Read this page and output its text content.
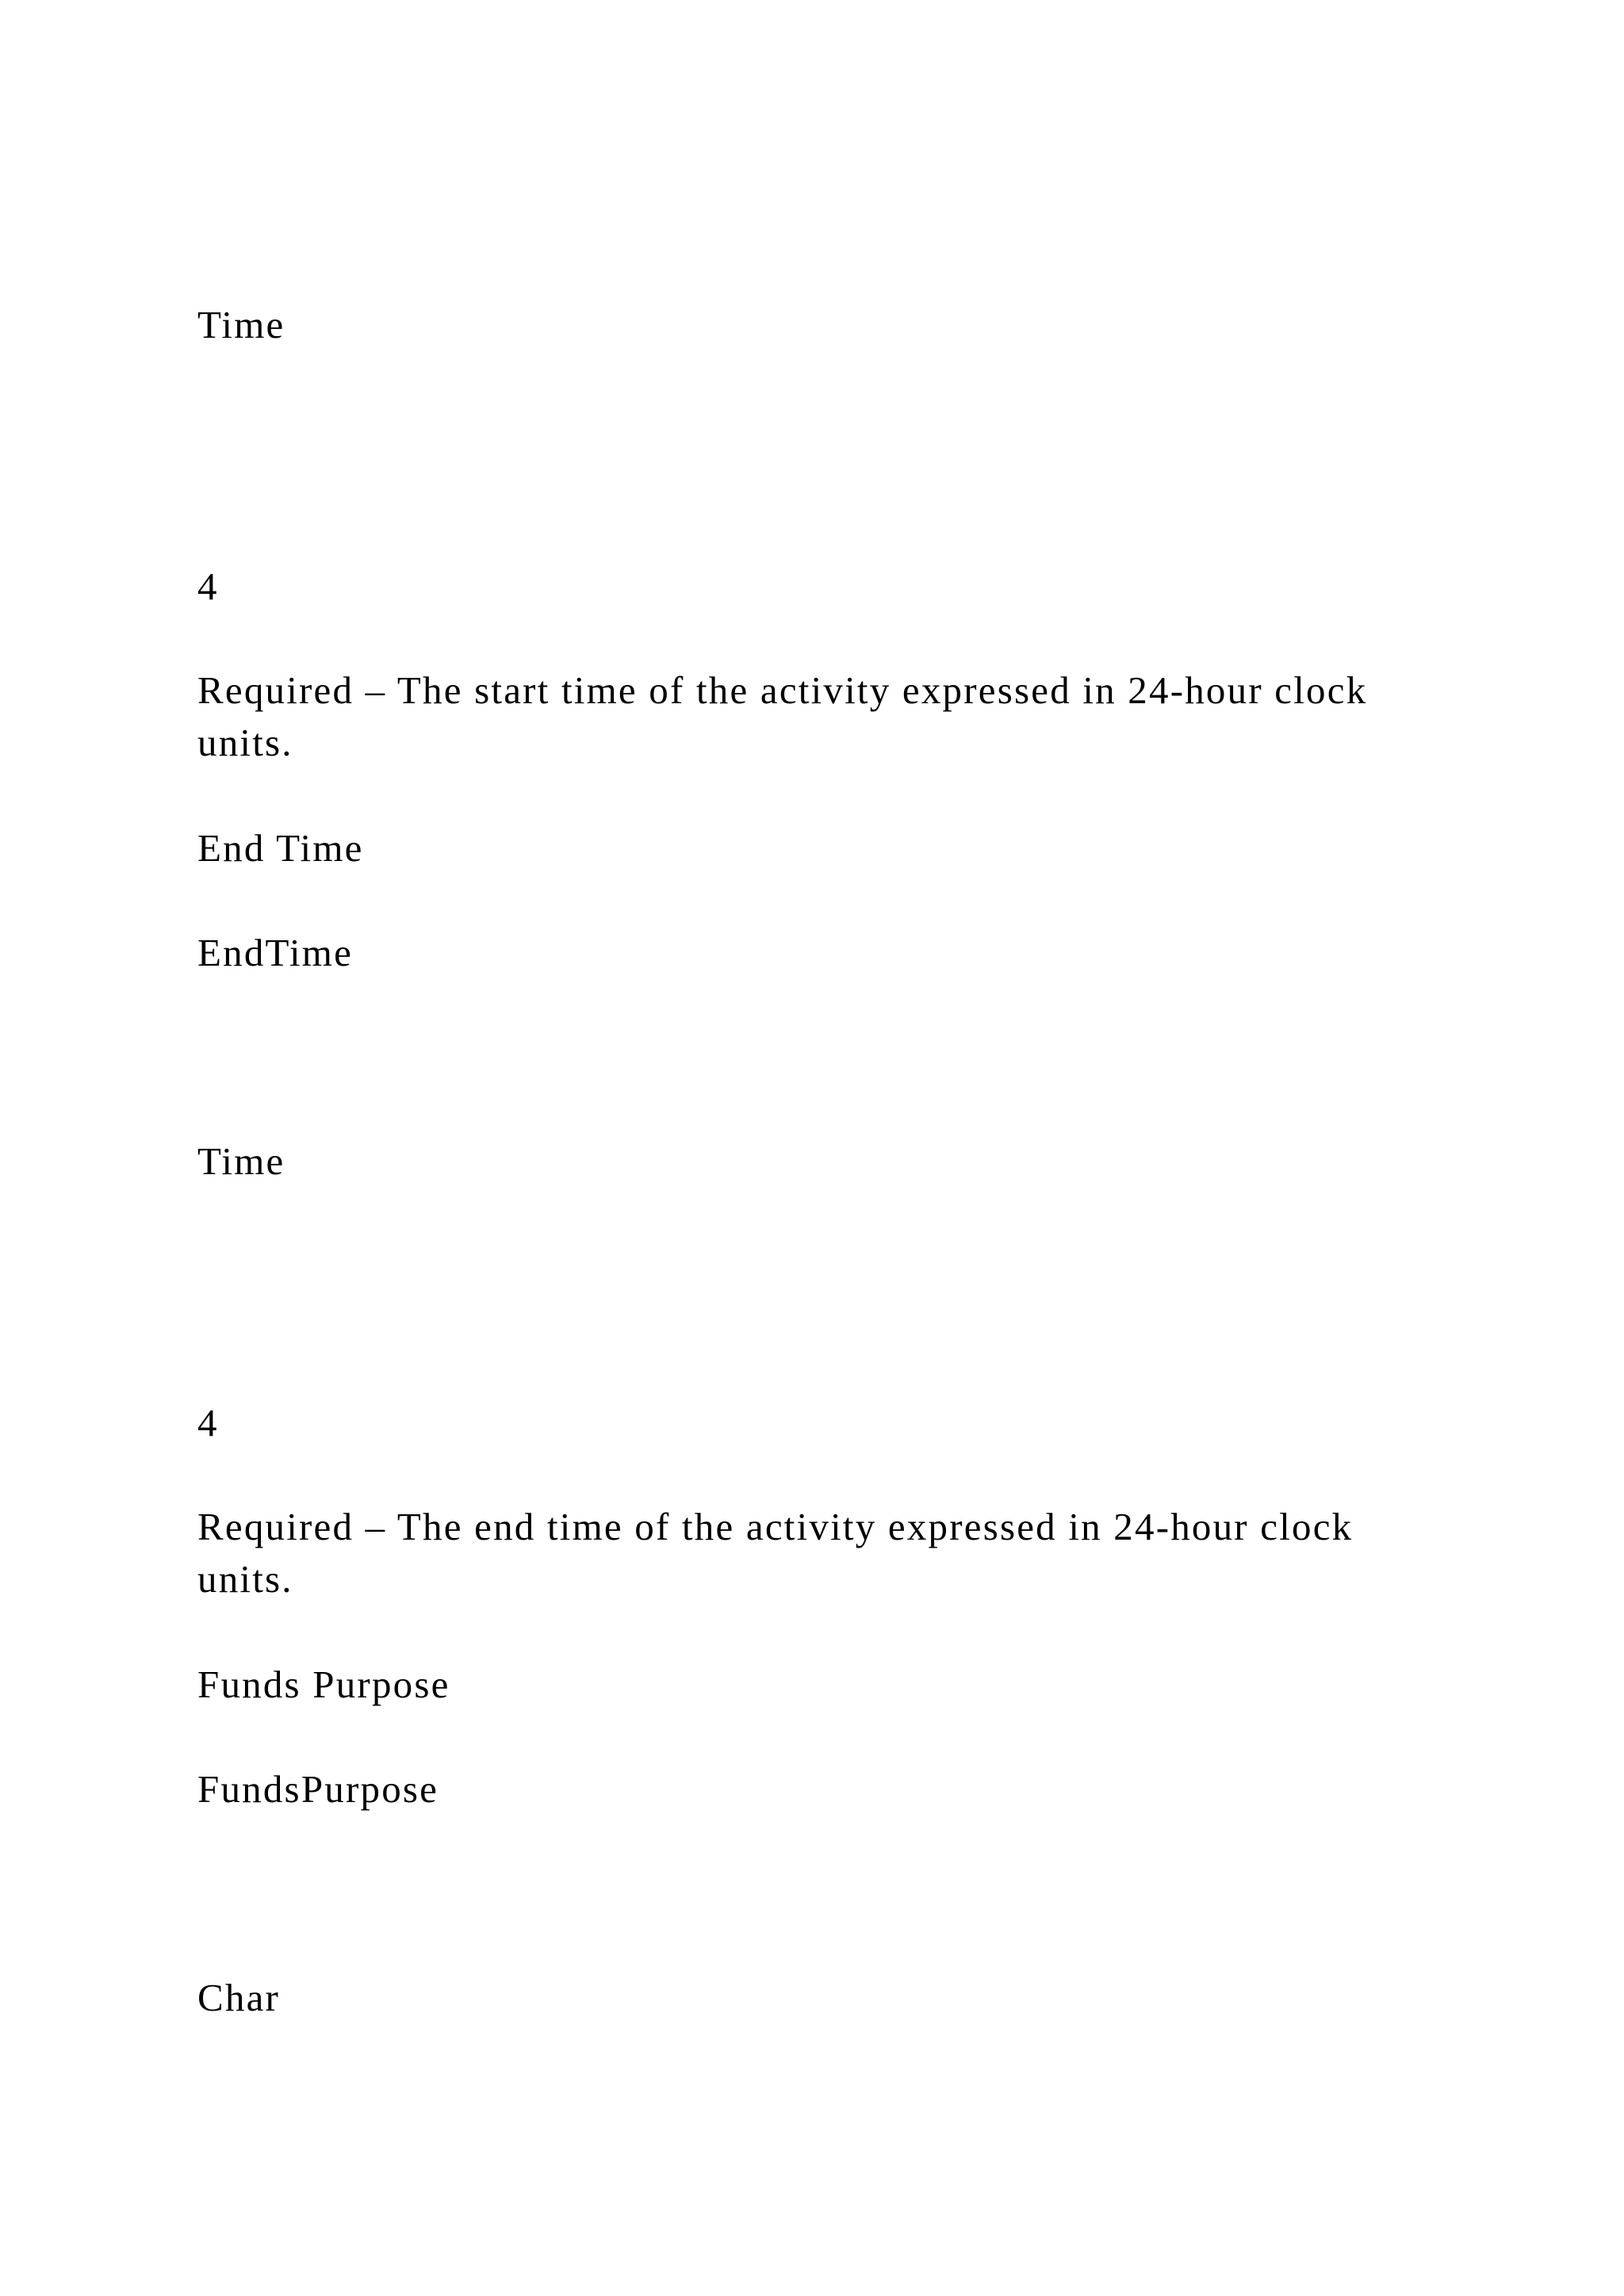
Time

4

Required – The start time of the activity expressed in 24-hour clock units.

End Time

EndTime

Time

4

Required – The end time of the activity expressed in 24-hour clock units.

Funds Purpose

FundsPurpose

Char
